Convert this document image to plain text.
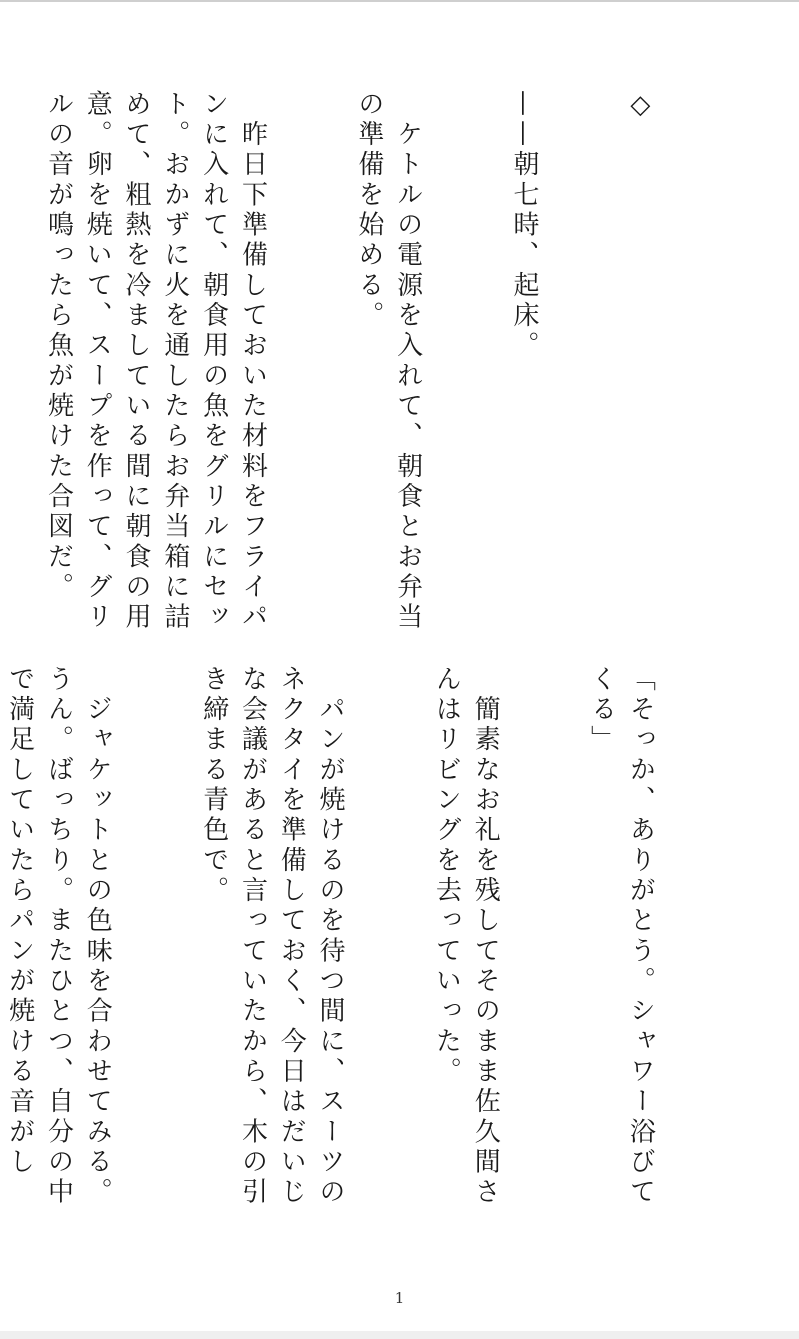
◇

——朝七時、起床。

　ケトルの電源を入れて、朝食とお弁当の準備を始める。

　昨日下準備しておいた材料をフライパンに入れて、朝食用の魚をグリルにセット。おかずに火を通したらお弁当箱に詰めて、粗熱を冷ましている間に朝食の用意。卵を焼いて、スープを作って、グリルの音が鳴ったら魚が焼けた合図だ。

「そっか、ありがとう。シャワー浴びてくる」

　簡素なお礼を残してそのまま佐久間さんはリビングを去っていった。

　パンが焼けるのを待つ間に、スーツのネクタイを準備しておく、今日はだいじな会議があると言っていたから、木の引き締まる青色で。

　ジャケットとの色味を合わせてみる。うん。ばっちり。またひとつ、自分の中で満足していたらパンが焼ける音がし

1
